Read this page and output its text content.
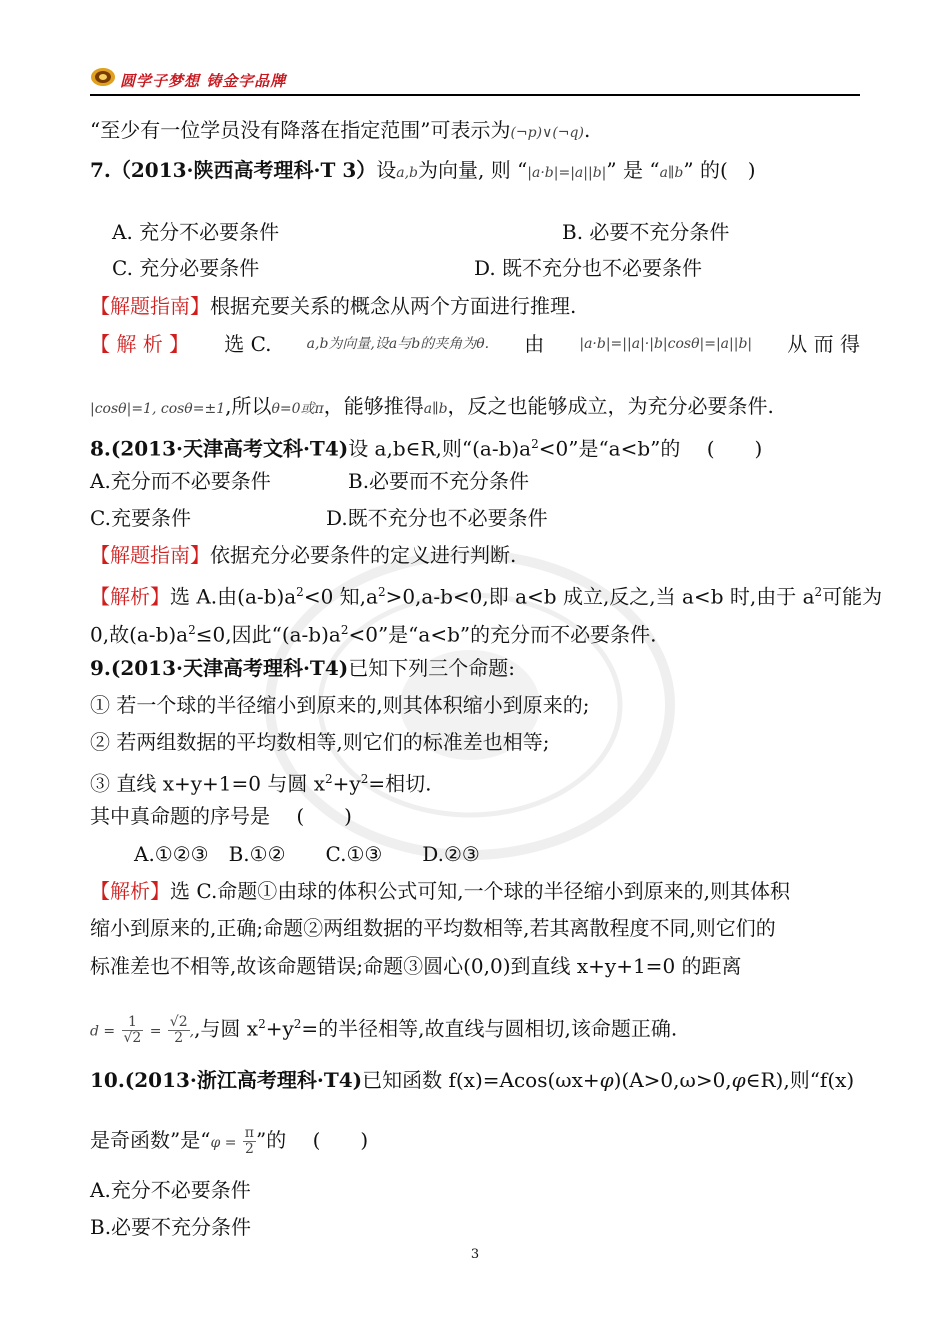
圆学子梦想 铸金字品牌
“至少有一位学员没有降落在指定范围”可表示为(¬p)∨(¬q).
7.（2013·陕西高考理科·T 3）设a,b为向量, 则 “|a·b|=|a||b|” 是 “a∥b” 的(　)
A. 充分不必要条件	B. 必要不充分条件
C. 充分必要条件	D. 既不充分也不必要条件
【解题指南】根据充要关系的概念从两个方面进行推理.
【 解 析 】 选 C.	a,b为向量,设a与b的夹角为θ. 由	|a·b|=||a|·|b|cosθ|=|a||b| 从 而 得
|cosθ|=1, cosθ=±1,所以θ=0或π，能够推得a∥b，反之也能够成立，为充分必要条件.
8.(2013·天津高考文科·T4)设 a,b∈R,则“$(a-b)a^2<0$”是“a<b”的 　(　　)
A.充分而不必要条件	B.必要而不充分条件
C.充要条件	D.既不充分也不必要条件
【解题指南】依据充分必要条件的定义进行判断.
【解析】选 A.由$(a-b)a^2<0$ 知$,a^2>0,a-b<0$,即 a<b 成立,反之,当 a<b 时,由于 $a^2$可能为
0,故$(a-b)a^2\le 0$,因此“$(a-b)a^2<0$”是“a<b”的充分而不必要条件.
9.(2013·天津高考理科·T4)已知下列三个命题:
① 若一个球的半径缩小到原来的,则其体积缩小到原来的;
② 若两组数据的平均数相等,则它们的标准差也相等;
③ 直线 x+y+1=0 与圆 $x^2+y^2=$相切.
其中真命题的序号是 　(　　)
A.①②③　B.①②　　C.①③　　D.②③
【解析】选 C.命题①由球的体积公式可知,一个球的半径缩小到原来的,则其体积
缩小到原来的,正确;命题②两组数据的平均数相等,若其离散程度不同,则它们的
标准差也不相等,故该命题错误;命题③圆心(0,0)到直线 x+y+1=0 的距离
$d = \frac{1}{√2} = \frac{√2}{2}$ ,,与圆 $x^2+y^2=$的半径相等,故直线与圆相切,该命题正确.
10.(2013·浙江高考理科·T4)已知函数 f(x)=Acos(ωx+φ)(A>0,ω>0,φ∈R),则“f(x)
是奇函数”是“$\varphi = \frac{\pi}{2}$ ”的 　(　　)
A.充分不必要条件
B.必要不充分条件
3
